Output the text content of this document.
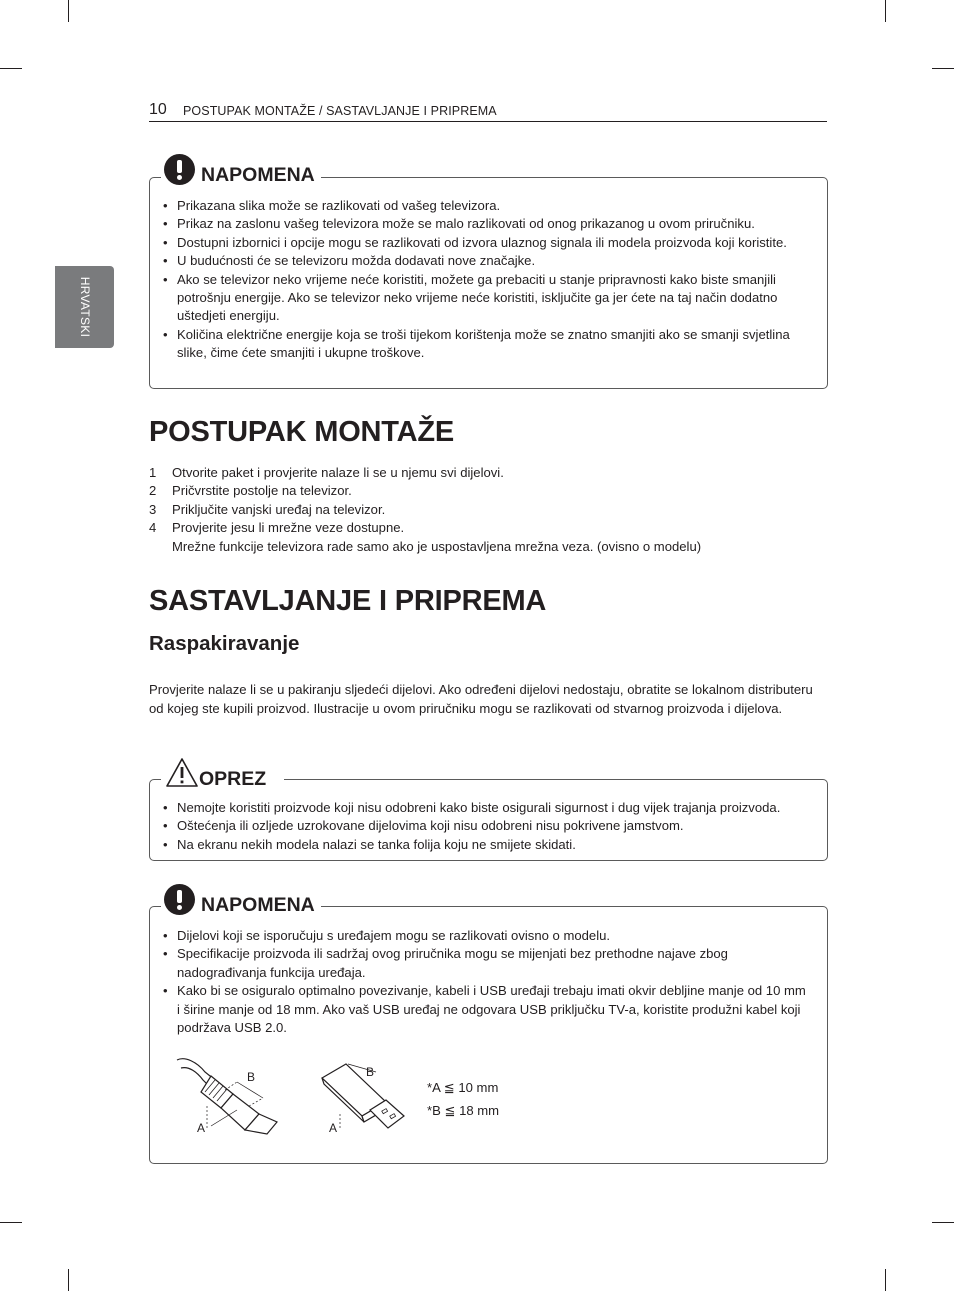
10 POSTUPAK MONTAŽE / SASTAVLJANJE I PRIPREMA
HRVATSKI
NAPOMENA
• Prikazana slika može se razlikovati od vašeg televizora.
• Prikaz na zaslonu vašeg televizora može se malo razlikovati od onog prikazanog u ovom priručniku.
• Dostupni izbornici i opcije mogu se razlikovati od izvora ulaznog signala ili modela proizvoda koji koristite.
• U budućnosti će se televizoru možda dodavati nove značajke.
• Ako se televizor neko vrijeme neće koristiti, možete ga prebaciti u stanje pripravnosti kako biste smanjili potrošnju energije. Ako se televizor neko vrijeme neće koristiti, isključite ga jer ćete na taj način dodatno uštedjeti energiju.
• Količina električne energije koja se troši tijekom korištenja može se znatno smanjiti ako se smanji svjetlina slike, čime ćete smanjiti i ukupne troškove.
POSTUPAK MONTAŽE
1 Otvorite paket i provjerite nalaze li se u njemu svi dijelovi.
2 Pričvrstite postolje na televizor.
3 Priključite vanjski uređaj na televizor.
4 Provjerite jesu li mrežne veze dostupne.
Mrežne funkcije televizora rade samo ako je uspostavljena mrežna veza. (ovisno o modelu)
SASTAVLJANJE I PRIPREMA
Raspakiravanje

Provjerite nalaze li se u pakiranju sljedeći dijelovi. Ako određeni dijelovi nedostaju, obratite se lokalnom distributeru od kojeg ste kupili proizvod. Ilustracije u ovom priručniku mogu se razlikovati od stvarnog proizvoda i dijelova.

OPREZ
• Nemojte koristiti proizvode koji nisu odobreni kako biste osigurali sigurnost i dug vijek trajanja proizvoda.
• Oštećenja ili ozljede uzrokovane dijelovima koji nisu odobreni nisu pokrivene jamstvom.
• Na ekranu nekih modela nalazi se tanka folija koju ne smijete skidati.
NAPOMENA
• Dijelovi koji se isporučuju s uređajem mogu se razlikovati ovisno o modelu.
• Specifikacije proizvoda ili sadržaj ovog priručnika mogu se mijenjati bez prethodne najave zbog nadograđivanja funkcija uređaja.
• Kako bi se osiguralo optimalno povezivanje, kabeli i USB uređaji trebaju imati okvir debljine manje od 10 mm i širine manje od 18 mm. Ako vaš USB uređaj ne odgovara USB priključku TV-a, koristite produžni kabel koji podržava USB 2.0.
B
A
B
A
*A ≦ 10 mm
*B ≦ 18 mm
